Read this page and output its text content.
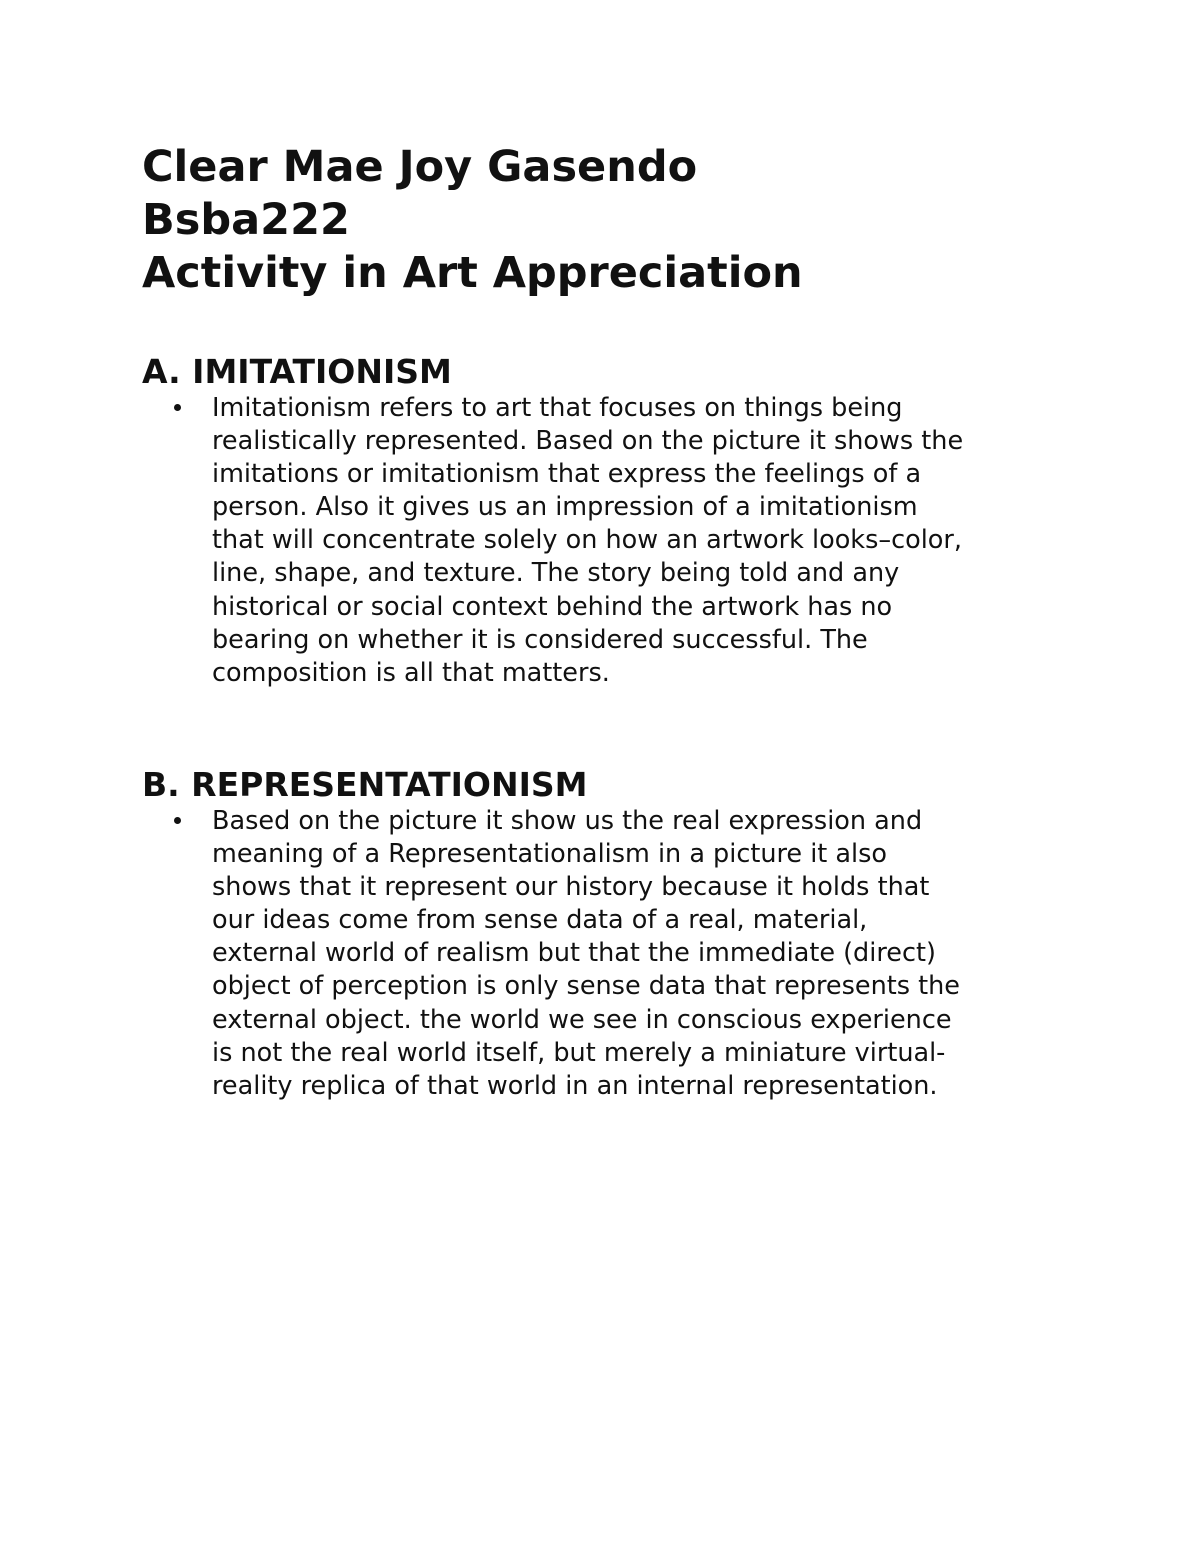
Clear Mae Joy Gasendo

Bsba222

Activity in Art Appreciation

A. IMITATIONISM

Imitationism refers to art that focuses on things being
realistically represented. Based on the picture it shows the
imitations or imitationism that express the feelings of a
person. Also it gives us an impression of a imitationism
that will concentrate solely on how an artwork looks–color,
line, shape, and texture. The story being told and any
historical or social context behind the artwork has no
bearing on whether it is considered successful. The
composition is all that matters.

B. REPRESENTATIONISM

Based on the picture it show us the real expression and
meaning of a Representationalism in a picture it also
shows that it represent our history because it holds that
our ideas come from sense data of a real, material,
external world of realism but that the immediate (direct)
object of perception is only sense data that represents the
external object. the world we see in conscious experience
is not the real world itself, but merely a miniature virtual-
reality replica of that world in an internal representation.
